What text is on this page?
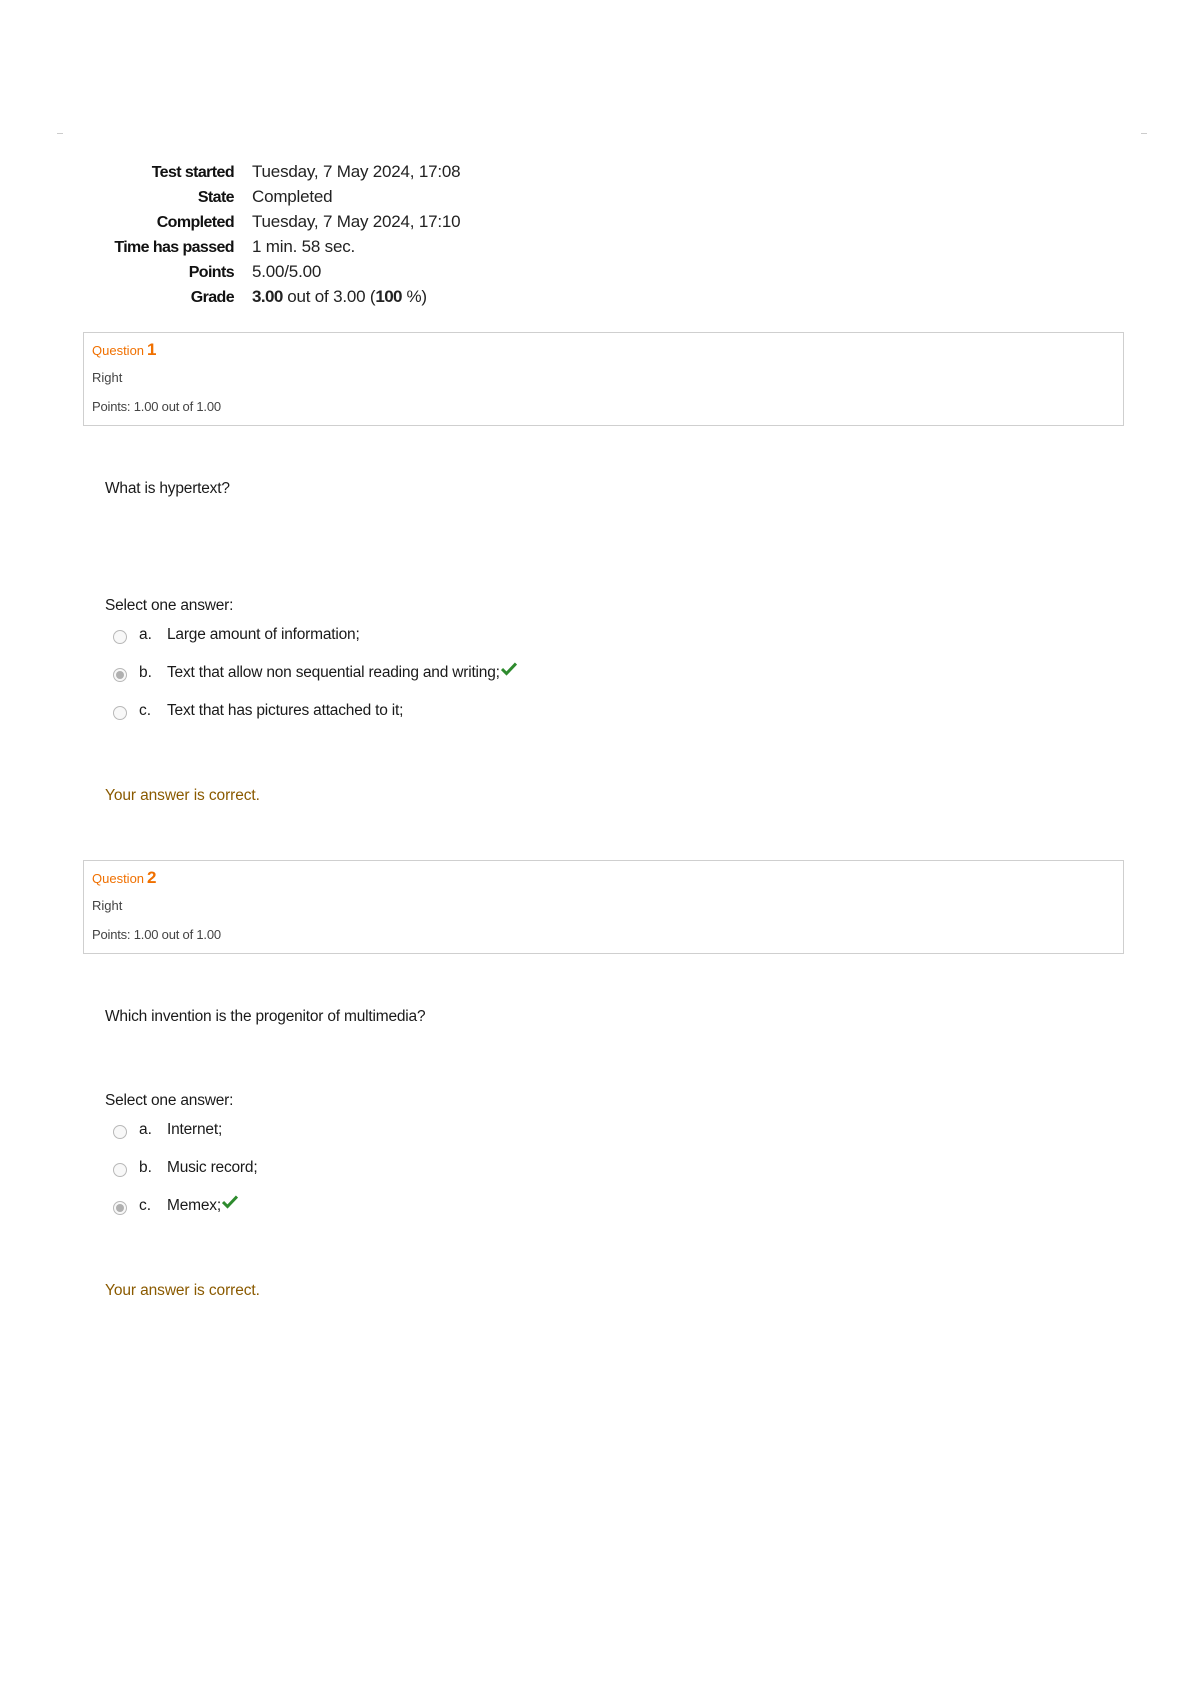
Test started	Tuesday, 7 May 2024, 17:08
State	Completed
Completed	Tuesday, 7 May 2024, 17:10
Time has passed	1 min. 58 sec.
Points	5.00/5.00
Grade	3.00 out of 3.00 (100 %)
Question 1
Right
Points: 1.00 out of 1.00
What is hypertext?
Select one answer:
a. Large amount of information;
b. Text that allow non sequential reading and writing;
c.	Text that has pictures attached to it;
Your answer is correct.
Question 2
Right
Points: 1.00 out of 1.00
Which invention is the progenitor of multimedia?
Select one answer:
a. Internet;
b. Music record;
c.	Memex;
Your answer is correct.
